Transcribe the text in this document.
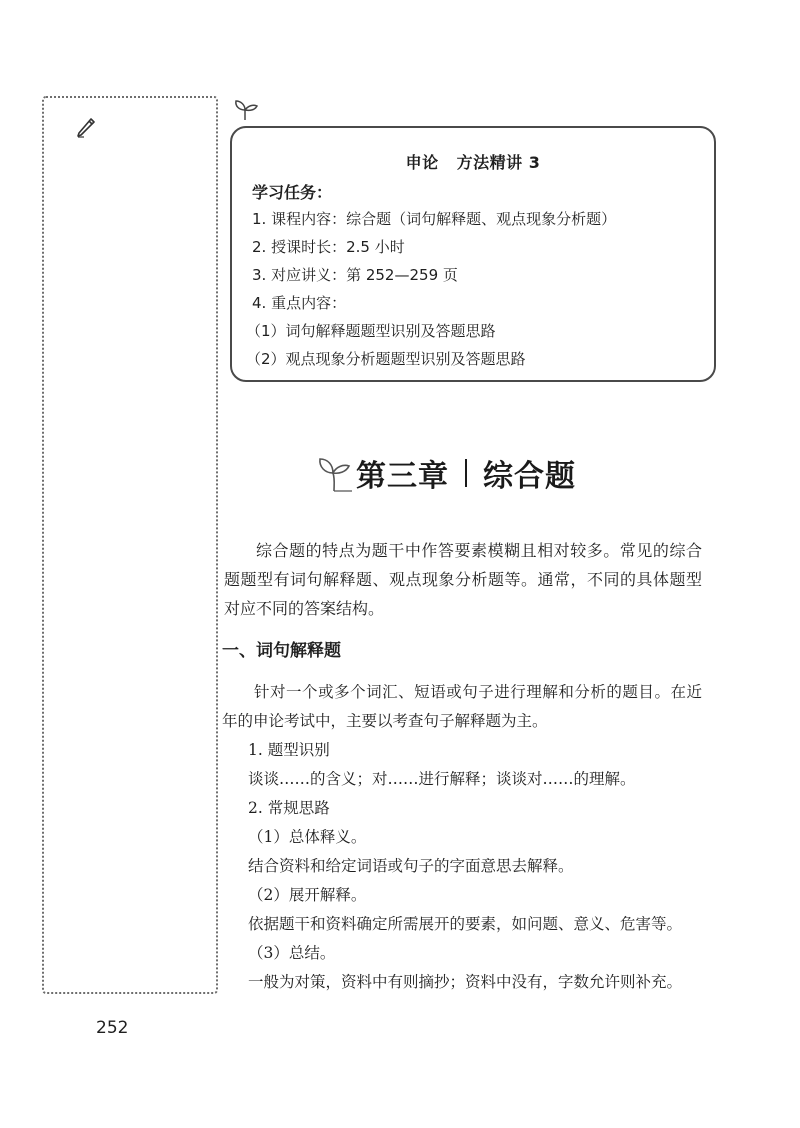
申论 方法精讲 3
学习任务：
1. 课程内容：综合题（词句解释题、观点现象分析题）
2. 授课时长：2.5 小时
3. 对应讲义：第 252—259 页
4. 重点内容：
（1）词句解释题题型识别及答题思路
（2）观点现象分析题题型识别及答题思路
第三章 综合题
综合题的特点为题干中作答要素模糊且相对较多。常见的综合题题型有词句解释题、观点现象分析题等。通常，不同的具体题型对应不同的答案结构。
一、词句解释题
针对一个或多个词汇、短语或句子进行理解和分析的题目。在近年的申论考试中，主要以考查句子解释题为主。
1. 题型识别
谈谈……的含义；对……进行解释；谈谈对……的理解。
2. 常规思路
（1）总体释义。
结合资料和给定词语或句子的字面意思去解释。
（2）展开解释。
依据题干和资料确定所需展开的要素，如问题、意义、危害等。
（3）总结。
一般为对策，资料中有则摘抄；资料中没有，字数允许则补充。
252
